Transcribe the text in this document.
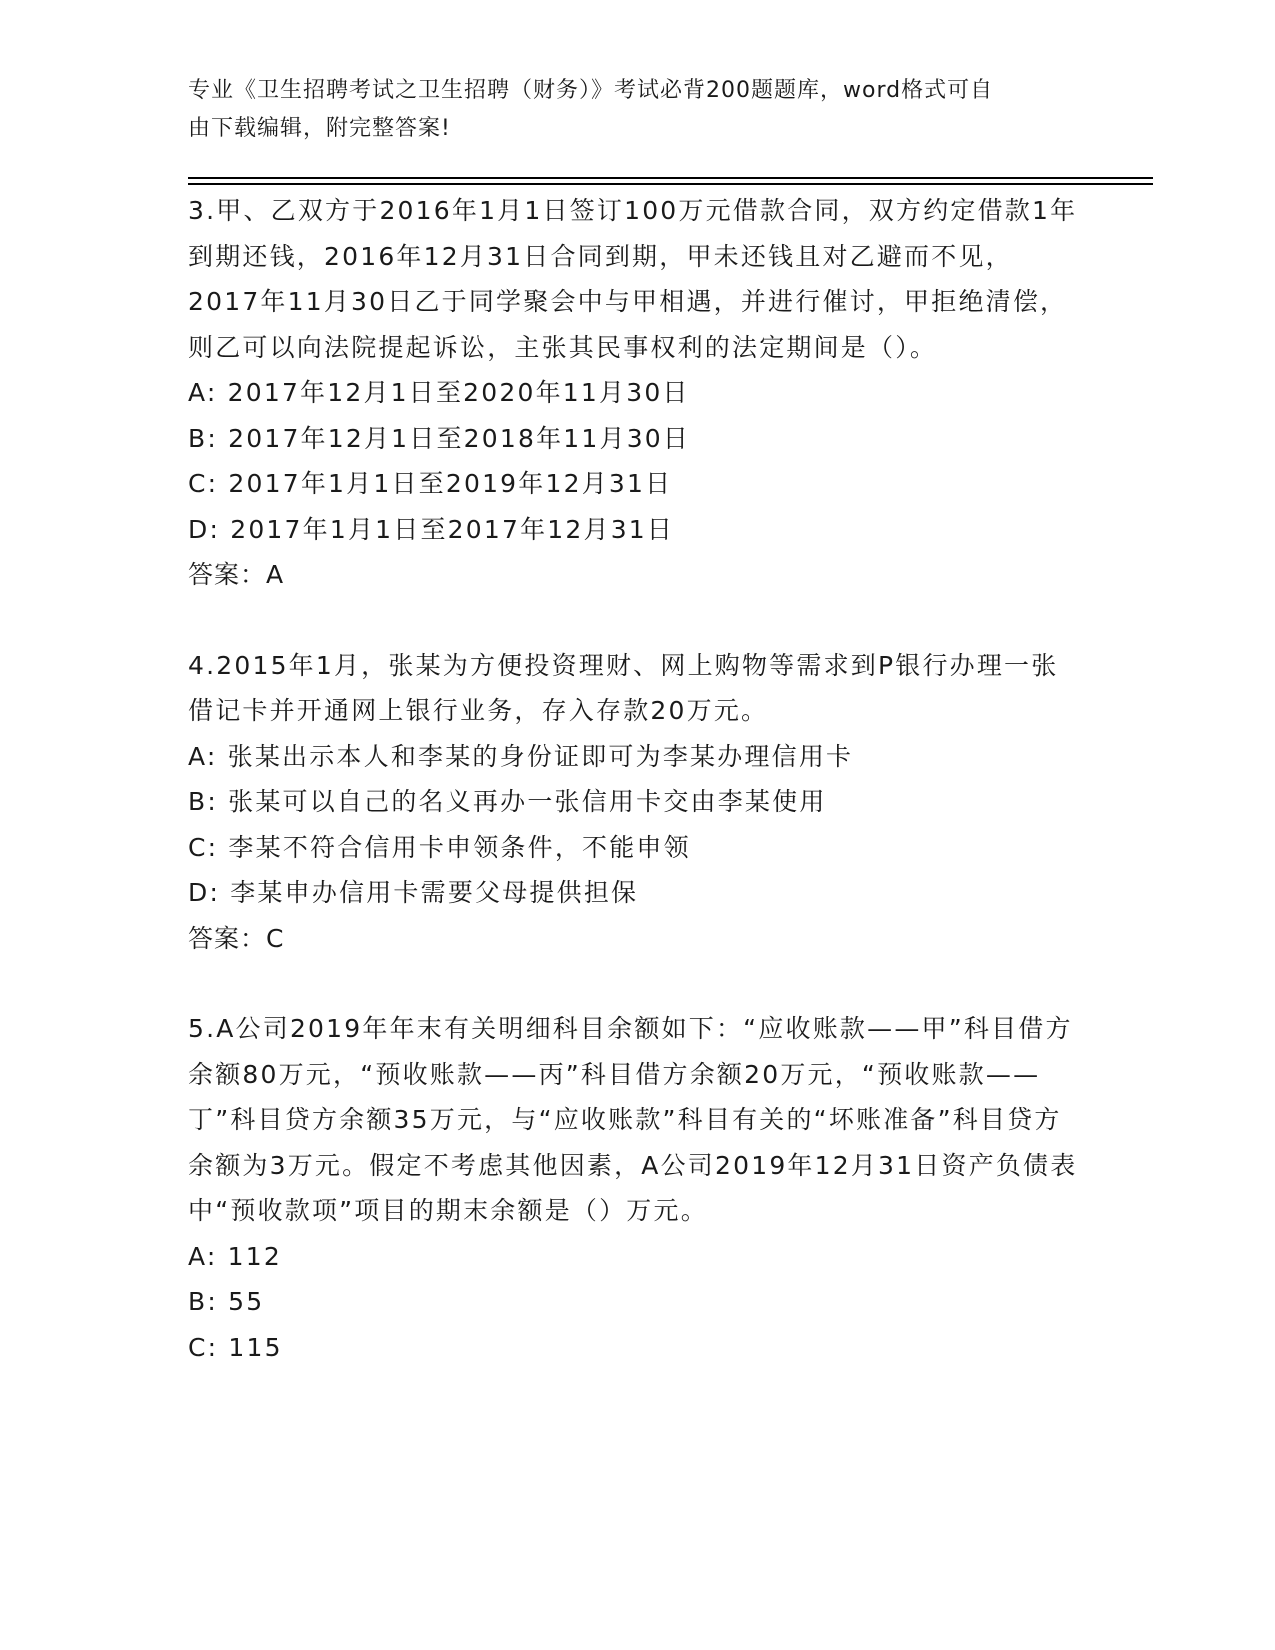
专业《卫生招聘考试之卫生招聘（财务）》考试必背200题题库，word格式可自
由下载编辑，附完整答案!

3.甲、乙双方于2016年1月1日签订100万元借款合同，双方约定借款1年到期还钱，2016年12月31日合同到期，甲未还钱且对乙避而不见，2017年11月30日乙于同学聚会中与甲相遇，并进行催讨，甲拒绝清偿，则乙可以向法院提起诉讼，主张其民事权利的法定期间是（）。

A: 2017年12月1日至2020年11月30日

B: 2017年12月1日至2018年11月30日

C: 2017年1月1日至2019年12月31日

D: 2017年1月1日至2017年12月31日

答案：A

4.2015年1月，张某为方便投资理财、网上购物等需求到P银行办理一张借记卡并开通网上银行业务，存入存款20万元。

A: 张某出示本人和李某的身份证即可为李某办理信用卡

B: 张某可以自己的名义再办一张信用卡交由李某使用

C: 李某不符合信用卡申领条件，不能申领

D: 李某申办信用卡需要父母提供担保

答案：C

5.A公司2019年年末有关明细科目余额如下：“应收账款——甲”科目借方余额80万元，“预收账款——丙”科目借方余额20万元，“预收账款——丁”科目贷方余额35万元，与“应收账款”科目有关的“坏账准备”科目贷方余额为3万元。假定不考虑其他因素，A公司2019年12月31日资产负债表中“预收款项”项目的期末余额是（）万元。

A: 112

B: 55

C: 115
